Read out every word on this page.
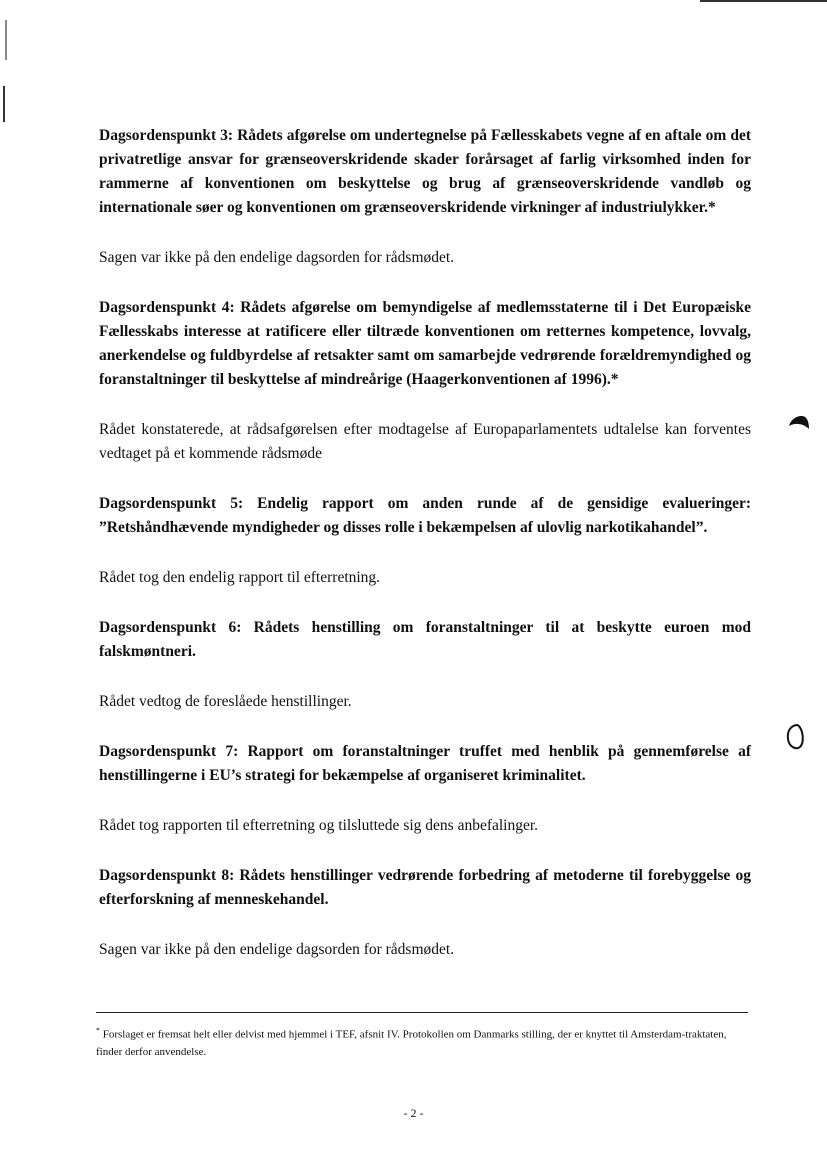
Dagsordenspunkt 3: Rådets afgørelse om undertegnelse på Fællesskabets vegne af en aftale om det privatretlige ansvar for grænseoverskridende skader forårsaget af farlig virksomhed inden for rammerne af konventionen om beskyttelse og brug af grænseoverskridende vandløb og internationale søer og konventionen om grænseoverskridende virkninger af industriulykker.*

Sagen var ikke på den endelige dagsorden for rådsmødet.

Dagsordenspunkt 4: Rådets afgørelse om bemyndigelse af medlemsstaterne til i Det Europæiske Fællesskabs interesse at ratificere eller tiltræde konventionen om retternes kompetence, lovvalg, anerkendelse og fuldbyrdelse af retsakter samt om samarbejde vedrørende forældremyndighed og foranstaltninger til beskyttelse af mindreårige (Haagerkonventionen af 1996).*

Rådet konstaterede, at rådsafgørelsen efter modtagelse af Europaparlamentets udtalelse kan forventes vedtaget på et kommende rådsmøde

Dagsordenspunkt 5: Endelig rapport om anden runde af de gensidige evalueringer: ”Retshåndhævende myndigheder og disses rolle i bekæmpelsen af ulovlig narkotikahandel”.

Rådet tog den endelig rapport til efterretning.

Dagsordenspunkt 6: Rådets henstilling om foranstaltninger til at beskytte euroen mod falskmøntneri.

Rådet vedtog de foreslåede henstillinger.

Dagsordenspunkt 7: Rapport om foranstaltninger truffet med henblik på gennemførelse af henstillingerne i EU’s strategi for bekæmpelse af organiseret kriminalitet.

Rådet tog rapporten til efterretning og tilsluttede sig dens anbefalinger.

Dagsordenspunkt 8: Rådets henstillinger vedrørende forbedring af metoderne til forebyggelse og efterforskning af menneskehandel.

Sagen var ikke på den endelige dagsorden for rådsmødet.

* Forslaget er fremsat helt eller delvist med hjemmel i TEF, afsnit IV. Protokollen om Danmarks stilling, der er knyttet til Amsterdam-traktaten, finder derfor anvendelse.
- 2 -
